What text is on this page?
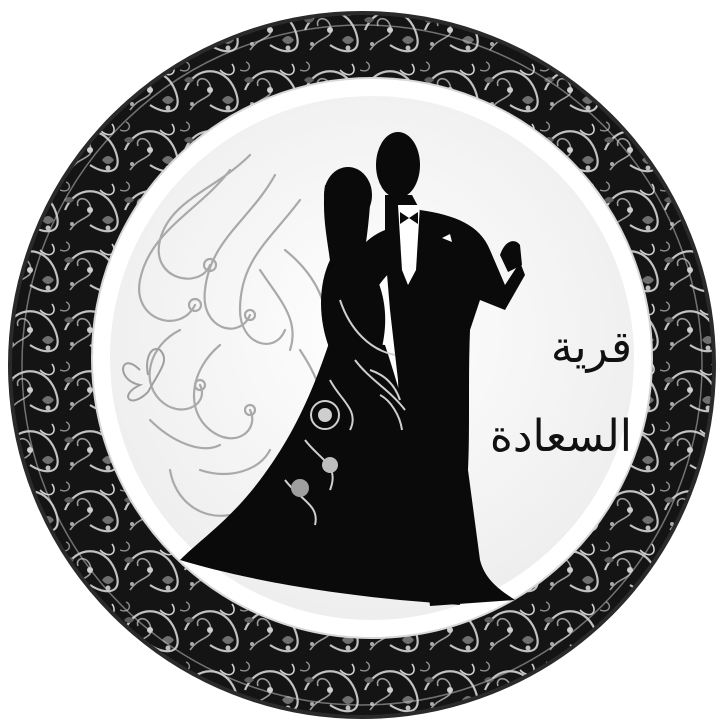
قرية
السعادة
